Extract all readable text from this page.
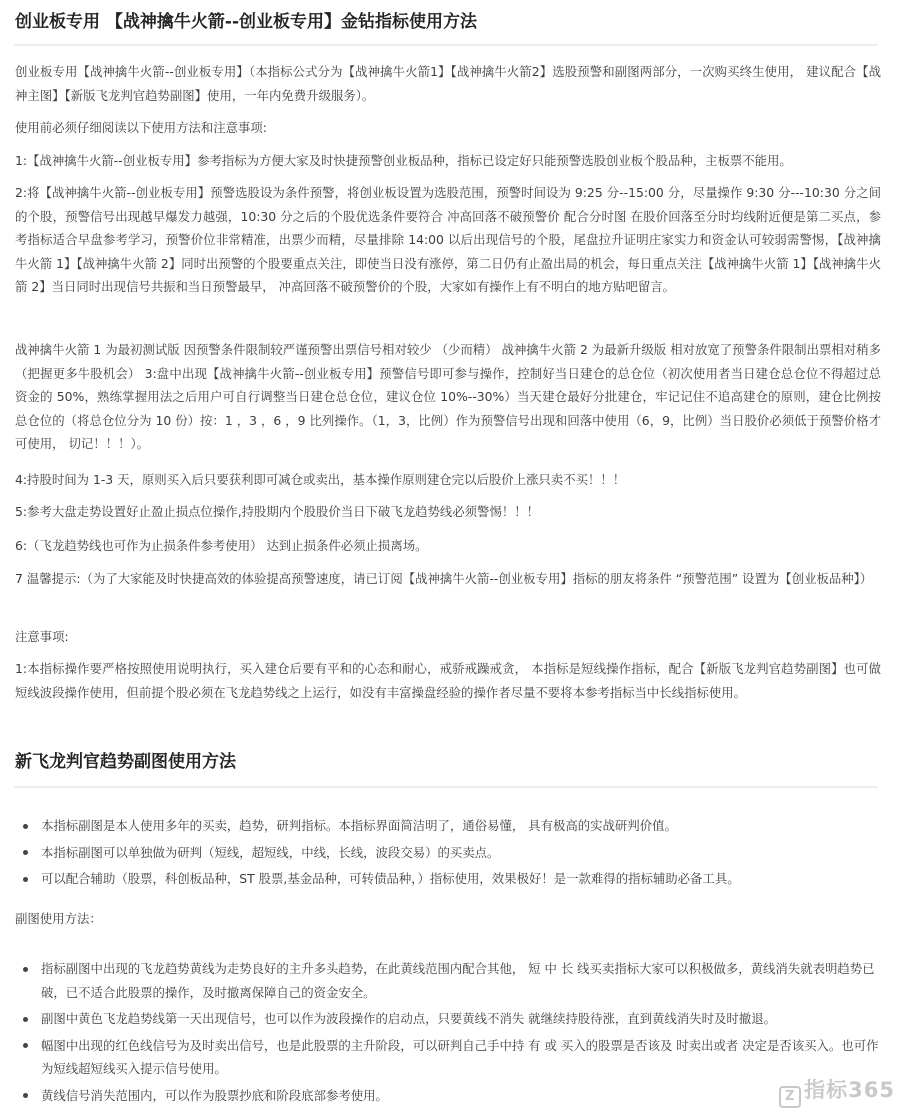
创业板专用 【战神擒牛火箭--创业板专用】金钻指标使用方法

创业板专用【战神擒牛火箭--创业板专用】（本指标公式分为【战神擒牛火箭1】【战神擒牛火箭2】选股预警和副图两部分，一次购买终生使用， 建议配合【战神主图】【新版飞龙判官趋势副图】使用，一年内免费升级服务）。

使用前必须仔细阅读以下使用方法和注意事项:

1:【战神擒牛火箭--创业板专用】参考指标为方便大家及时快捷预警创业板品种，指标已设定好只能预警选股创业板个股品种，主板票不能用。

2:将【战神擒牛火箭--创业板专用】预警选股设为条件预警，将创业板设置为选股范围，预警时间设为 9:25 分--15:00 分，尽量操作 9:30 分---10:30 分之间的个股，预警信号出现越早爆发力越强，10:30 分之后的个股优选条件要符合 冲高回落不破预警价 配合分时图 在股价回落至分时均线附近便是第二买点，参考指标适合早盘参考学习，预警价位非常精准，出票少而精，尽量排除 14:00 以后出现信号的个股，尾盘拉升证明庄家实力和资金认可较弱需警惕，【战神擒牛火箭 1】【战神擒牛火箭 2】同时出预警的个股要重点关注，即使当日没有涨停，第二日仍有止盈出局的机会，每日重点关注【战神擒牛火箭 1】【战神擒牛火箭 2】当日同时出现信号共振和当日预警最早， 冲高回落不破预警价的个股，大家如有操作上有不明白的地方贴吧留言。

战神擒牛火箭 1 为最初测试版 因预警条件限制较严谨预警出票信号相对较少 （少而精） 战神擒牛火箭 2 为最新升级版 相对放宽了预警条件限制出票相对稍多（把握更多牛股机会） 3:盘中出现【战神擒牛火箭--创业板专用】预警信号即可参与操作，控制好当日建仓的总仓位（初次使用者当日建仓总仓位不得超过总资金的 50%，熟练掌握用法之后用户可自行调整当日建仓总仓位，建议仓位 10%--30%）当天建仓最好分批建仓，牢记记住不追高建仓的原则，建仓比例按总仓位的（将总仓位分为 10 份）按：1 ，3 ，6 ，9 比列操作。（1，3，比例）作为预警信号出现和回落中使用（6，9，比例）当日股价必须低于预警价格才可使用， 切记！！！）。

4:持股时间为 1-3 天，原则买入后只要获利即可减仓或卖出，基本操作原则建仓完以后股价上涨只卖不买！！！

5:参考大盘走势设置好止盈止损点位操作,持股期内个股股价当日下破飞龙趋势线必须警惕！！！

6:（飞龙趋势线也可作为止损条件参考使用） 达到止损条件必须止损离场。

7 温馨提示:（为了大家能及时快捷高效的体验提高预警速度，请已订阅【战神擒牛火箭--创业板专用】指标的朋友将条件 “预警范围” 设置为【创业板品种】）

注意事项:

1:本指标操作要严格按照使用说明执行，买入建仓后要有平和的心态和耐心，戒骄戒躁戒贪， 本指标是短线操作指标，配合【新版飞龙判官趋势副图】也可做短线波段操作使用，但前提个股必须在飞龙趋势线之上运行，如没有丰富操盘经验的操作者尽量不要将本参考指标当中长线指标使用。

新飞龙判官趋势副图使用方法
本指标副图是本人使用多年的买卖，趋势，研判指标。本指标界面简洁明了，通俗易懂， 具有极高的实战研判价值。
本指标副图可以单独做为研判（短线，超短线，中线，长线，波段交易）的买卖点。
可以配合辅助（股票，科创板品种，ST 股票,基金品种，可转债品种，）指标使用，效果极好！是一款难得的指标辅助必备工具。

副图使用方法：

指标副图中出现的飞龙趋势黄线为走势良好的主升多头趋势，在此黄线范围内配合其他， 短 中 长 线买卖指标大家可以积极做多，黄线消失就表明趋势已破，已不适合此股票的操作，及时撤离保障自己的资金安全。
副图中黄色飞龙趋势线第一天出现信号，也可以作为波段操作的启动点，只要黄线不消失 就继续持股待涨，直到黄线消失时及时撤退。
幅图中出现的红色线信号为及时卖出信号，也是此股票的主升阶段，可以研判自己手中持 有 或 买入的股票是否该及 时卖出或者 决定是否该买入。也可作为短线超短线买入提示信号使用。
黄线信号消失范围内，可以作为股票抄底和阶段底部参考使用。	Z 指标365
